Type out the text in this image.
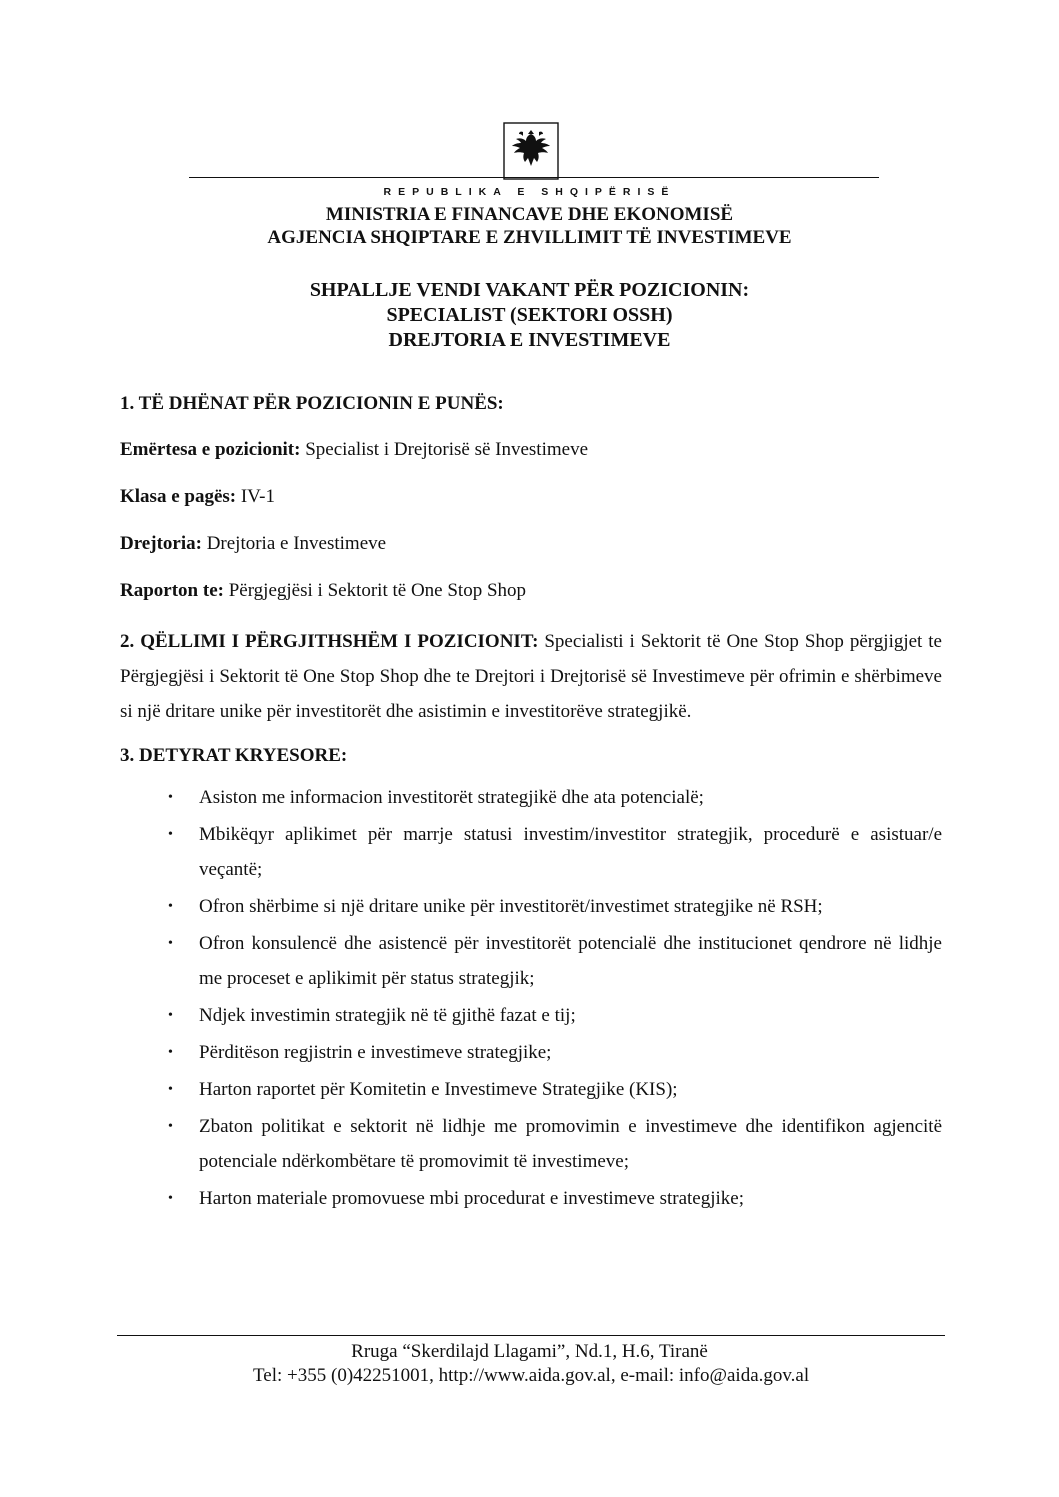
REPUBLIKA E SHQIPËRISË
MINISTRIA E FINANCAVE DHE EKONOMISË
AGJENCIA SHQIPTARE E ZHVILLIMIT TË INVESTIMEVE
SHPALLJE VENDI VAKANT PËR POZICIONIN:
SPECIALIST (SEKTORI OSSH)
DREJTORIA E INVESTIMEVE
1. TË DHËNAT PËR POZICIONIN E PUNËS:
Emërtesa e pozicionit: Specialist i Drejtorisë së Investimeve
Klasa e pagës: IV-1
Drejtoria: Drejtoria e Investimeve
Raporton te: Përgjegjësi i Sektorit të One Stop Shop
2. QËLLIMI I PËRGJITHSHËM I POZICIONIT: Specialisti i Sektorit të One Stop Shop përgjigjet te Përgjegjësi i Sektorit të One Stop Shop dhe te Drejtori i Drejtorisë së Investimeve për ofrimin e shërbimeve si një dritare unike për investitorët dhe asistimin e investitorëve strategjikë.
3. DETYRAT KRYESORE:
• Asiston me informacion investitorët strategjikë dhe ata potencialë;
• Mbikëqyr aplikimet për marrje statusi investim/investitor strategjik, procedurë e asistuar/e veçantë;
• Ofron shërbime si një dritare unike për investitorët/investimet strategjike në RSH;
• Ofron konsulencë dhe asistencë për investitorët potencialë dhe institucionet qendrore në lidhje me proceset e aplikimit për status strategjik;
• Ndjek investimin strategjik në të gjithë fazat e tij;
• Përditëson regjistrin e investimeve strategjike;
• Harton raportet për Komitetin e Investimeve Strategjike (KIS);
• Zbaton politikat e sektorit në lidhje me promovimin e investimeve dhe identifikon agjencitë potenciale ndërkombëtare të promovimit të investimeve;
• Harton materiale promovuese mbi procedurat e investimeve strategjike;
Rruga “Skerdilajd Llagami”, Nd.1, H.6, Tiranë
Tel: +355 (0)42251001, http://www.aida.gov.al, e-mail: info@aida.gov.al
